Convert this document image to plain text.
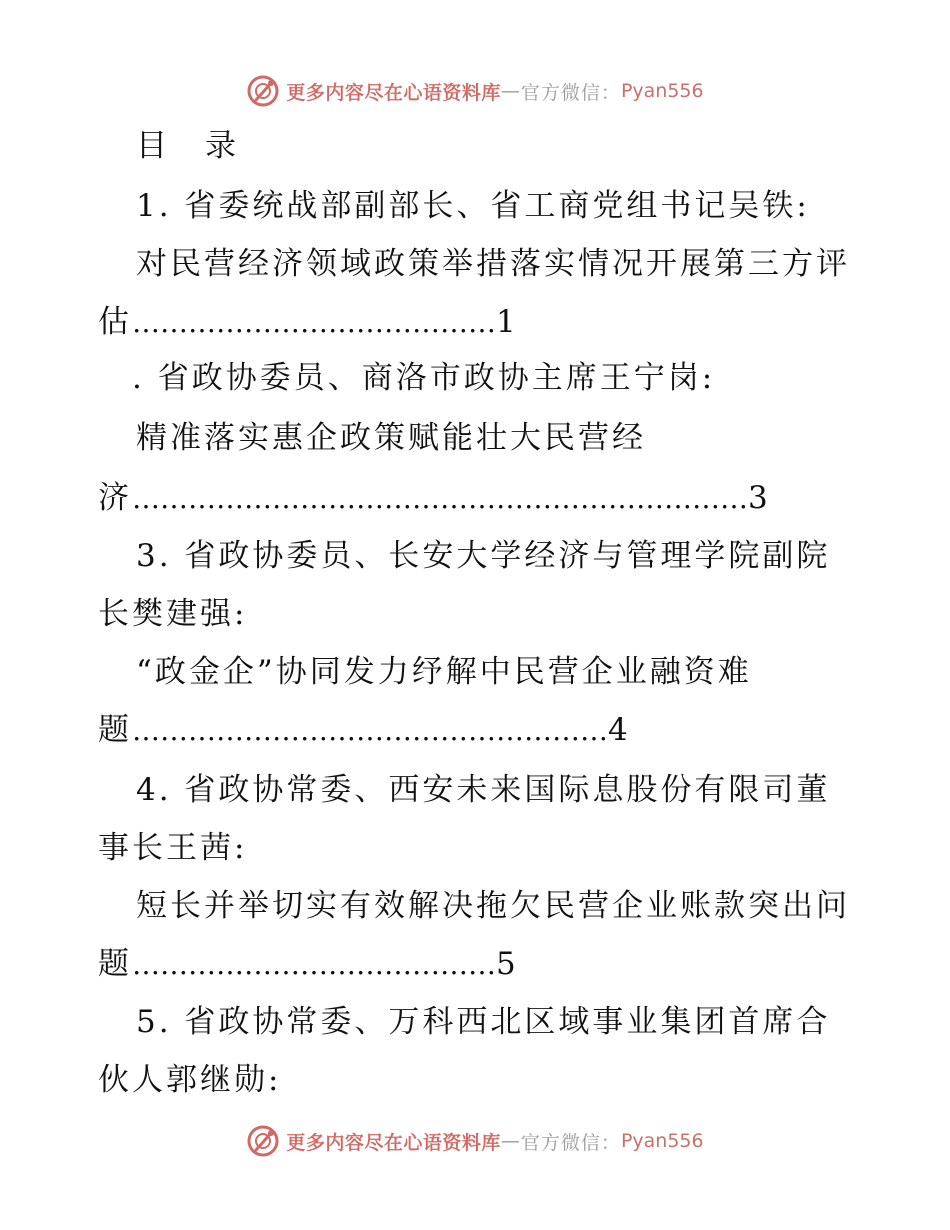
更多内容尽在心语资料库 — 官方微信： Pyan556
目 录
1. 省委统战部副部长、省工商党组书记吴铁:
对民营经济领域政策举措落实情况开展第三方评
估…………………………………1
. 省政协委员、商洛市政协主席王宁岗:
精准落实惠企政策赋能壮大民营经
济…………………………………………………………3
3. 省政协委员、长安大学经济与管理学院副院
长樊建强:
“政金企”协同发力纾解中民营企业融资难
题……………………………………………4
4. 省政协常委、西安未来国际息股份有限司董
事长王茜:
短长并举切实有效解决拖欠民营企业账款突出问
题…………………………………5
5. 省政协常委、万科西北区域事业集团首席合
伙人郭继勋:
更多内容尽在心语资料库 — 官方微信： Pyan556
